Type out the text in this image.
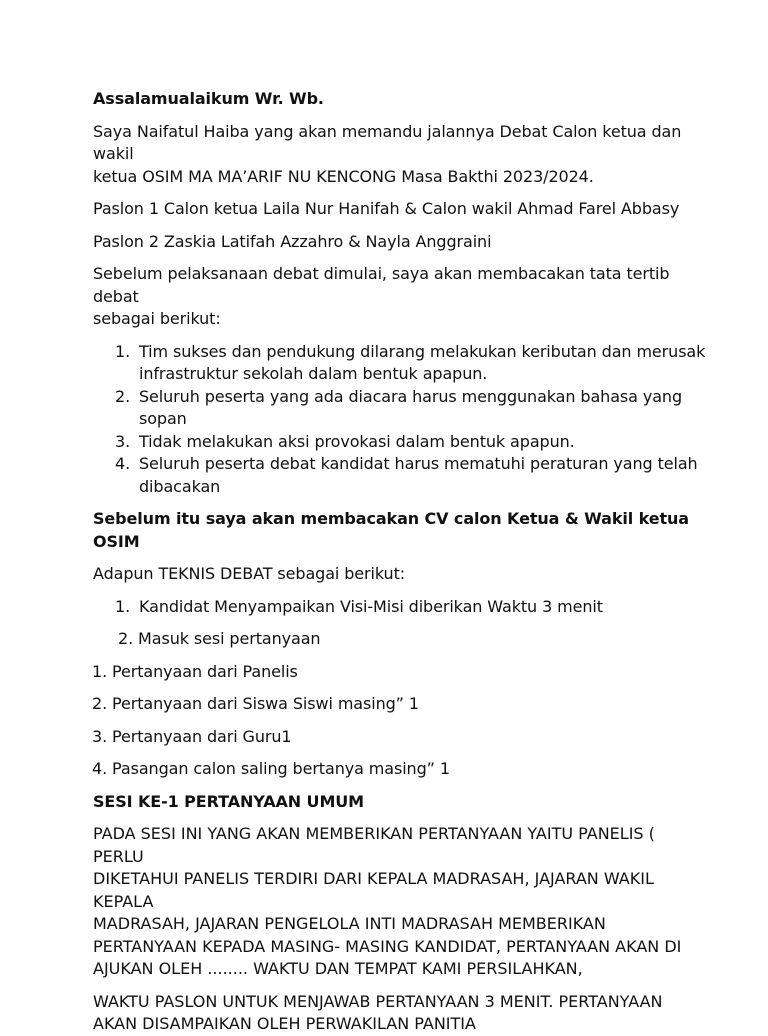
Assalamualaikum Wr. Wb.

Saya Naifatul Haiba yang akan memandu jalannya Debat Calon ketua dan wakil
ketua OSIM MA MA’ARIF NU KENCONG Masa Bakthi 2023/2024.

Paslon 1 Calon ketua Laila Nur Hanifah & Calon wakil Ahmad Farel Abbasy

Paslon 2 Zaskia Latifah Azzahro & Nayla Anggraini

Sebelum pelaksanaan debat dimulai, saya akan membacakan tata tertib debat
sebagai berikut:

1. Tim sukses dan pendukung dilarang melakukan keributan dan merusak
infrastruktur sekolah dalam bentuk apapun.
2. Seluruh peserta yang ada diacara harus menggunakan bahasa yang
sopan
3. Tidak melakukan aksi provokasi dalam bentuk apapun.
4. Seluruh peserta debat kandidat harus mematuhi peraturan yang telah
dibacakan

Sebelum itu saya akan membacakan CV calon Ketua & Wakil ketua OSIM

Adapun TEKNIS DEBAT sebagai berikut:

1. Kandidat Menyampaikan Visi-Misi diberikan Waktu 3 menit

2. Masuk sesi pertanyaan

1. Pertanyaan dari Panelis

2. Pertanyaan dari Siswa Siswi masing” 1

3. Pertanyaan dari Guru1

4. Pasangan calon saling bertanya masing” 1

SESI KE-1 PERTANYAAN UMUM

PADA SESI INI YANG AKAN MEMBERIKAN PERTANYAAN YAITU PANELIS ( PERLU
DIKETAHUI PANELIS TERDIRI DARI KEPALA MADRASAH, JAJARAN WAKIL KEPALA
MADRASAH, JAJARAN PENGELOLA INTI MADRASAH MEMBERIKAN
PERTANYAAN KEPADA MASING- MASING KANDIDAT, PERTANYAAN AKAN DI
AJUKAN OLEH ........ WAKTU DAN TEMPAT KAMI PERSILAHKAN,

WAKTU PASLON UNTUK MENJAWAB PERTANYAAN 3 MENIT. PERTANYAAN
AKAN DISAMPAIKAN OLEH PERWAKILAN PANITIA
